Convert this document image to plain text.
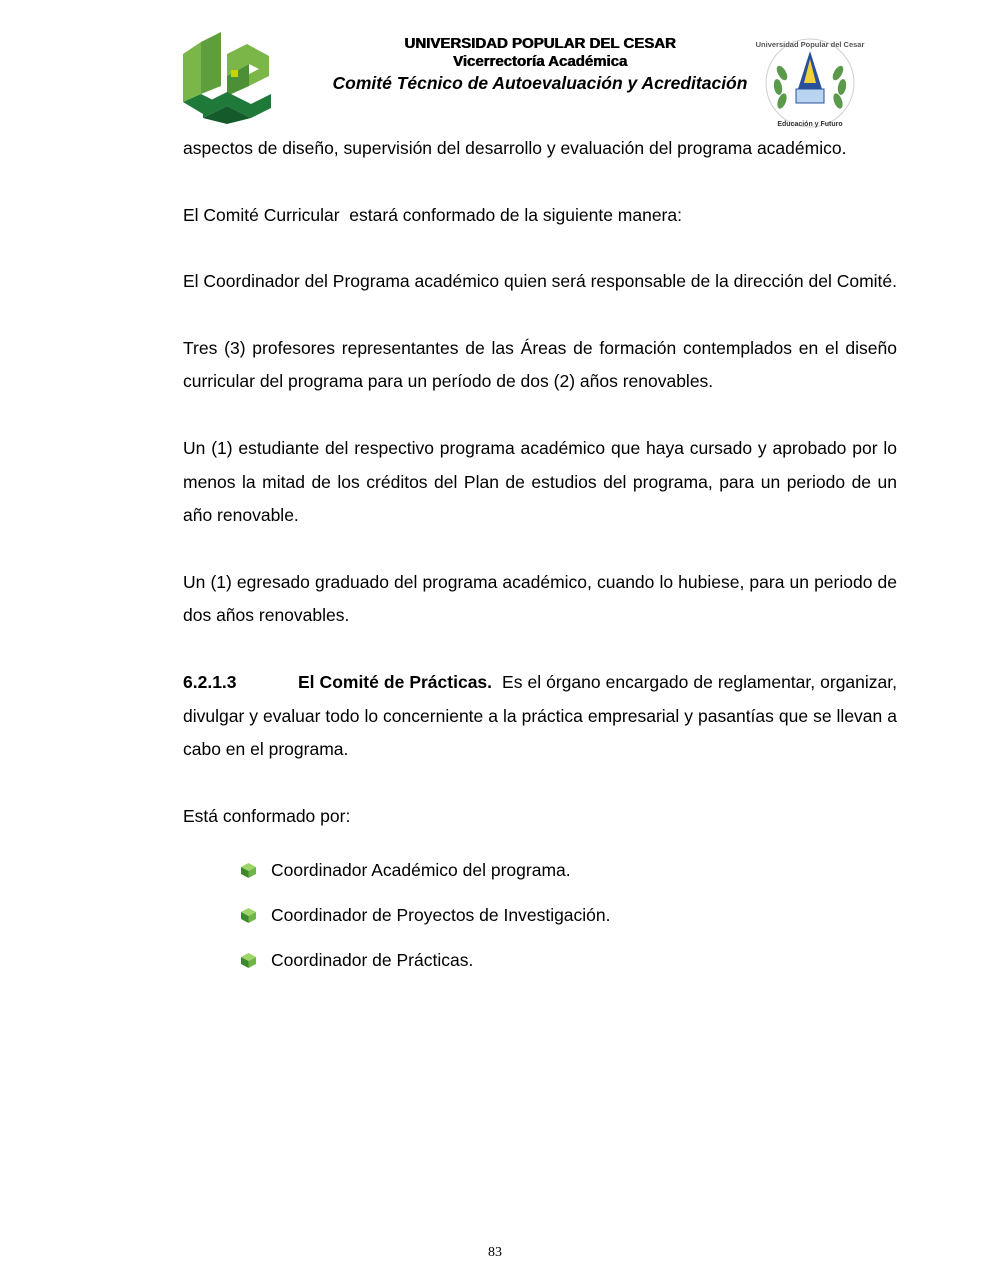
Universidad Popular del Cesar
Educación y Futuro
UNIVERSIDAD POPULAR DEL CESAR
Vicerrectoría Académica
Comité Técnico de Autoevaluación y Acreditación

aspectos de diseño, supervisión del desarrollo y evaluación del programa académico.

El Comité Curricular  estará conformado de la siguiente manera:

El Coordinador del Programa académico quien será responsable de la dirección del Comité.

Tres (3) profesores representantes de las Áreas de formación contemplados en el diseño curricular del programa para un período de dos (2) años renovables.

Un (1) estudiante del respectivo programa académico que haya cursado y aprobado por lo menos la mitad de los créditos del Plan de estudios del programa, para un periodo de un año renovable.

Un (1) egresado graduado del programa académico, cuando lo hubiese, para un periodo de dos años renovables.

6.2.1.3	El Comité de Prácticas.  Es el órgano encargado de reglamentar, organizar, divulgar y evaluar todo lo concerniente a la práctica empresarial y pasantías que se llevan a cabo en el programa.

Está conformado por:

Coordinador Académico del programa.
Coordinador de Proyectos de Investigación.
Coordinador de Prácticas.
83
